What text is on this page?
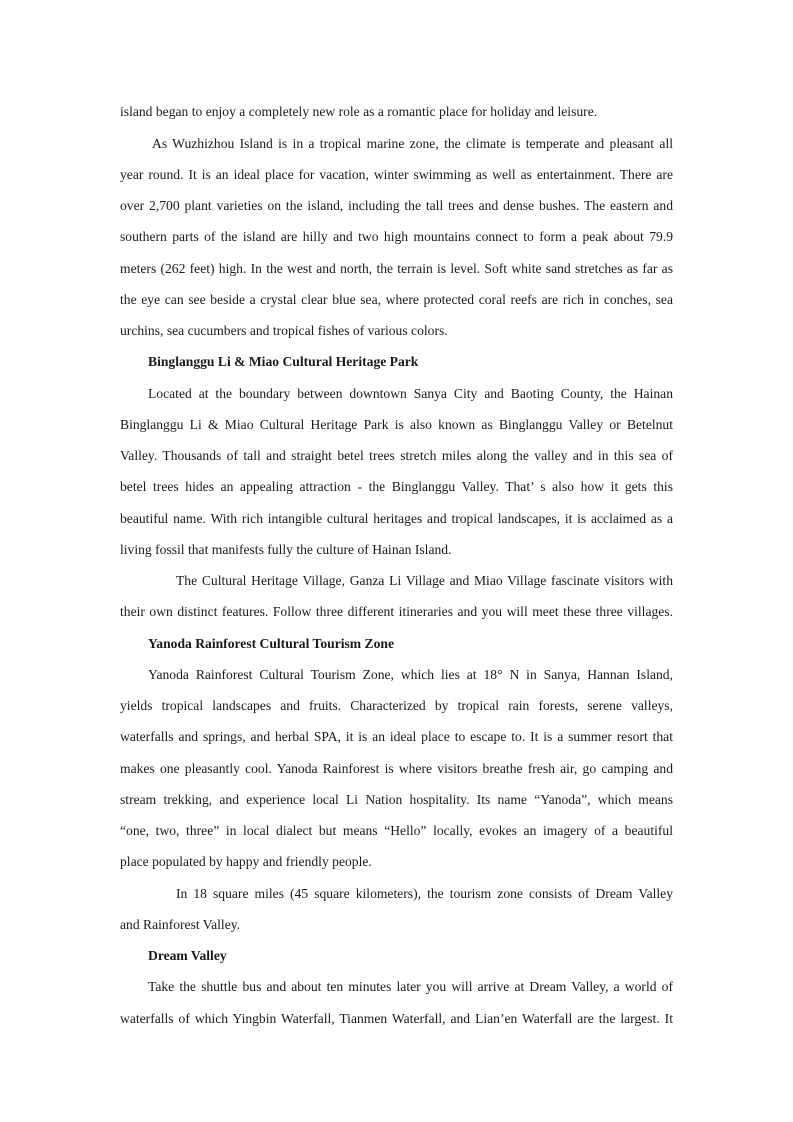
island began to enjoy a completely new role as a romantic place for holiday and leisure.
As Wuzhizhou Island is in a tropical marine zone, the climate is temperate and pleasant all
year round. It is an ideal place for vacation, winter swimming as well as entertainment. There are
over 2,700 plant varieties on the island, including the tall trees and dense bushes. The eastern and
southern parts of the island are hilly and two high mountains connect to form a peak about 79.9
meters (262 feet) high. In the west and north, the terrain is level. Soft white sand stretches as far as
the eye can see beside a crystal clear blue sea, where protected coral reefs are rich in conches, sea
urchins, sea cucumbers and tropical fishes of various colors.
Binglanggu Li & Miao Cultural Heritage Park
Located at the boundary between downtown Sanya City and Baoting County, the Hainan
Binglanggu Li & Miao Cultural Heritage Park is also known as Binglanggu Valley or Betelnut
Valley. Thousands of tall and straight betel trees stretch miles along the valley and in this sea of
betel trees hides an appealing attraction - the Binglanggu Valley. That’ s also how it gets this
beautiful name. With rich intangible cultural heritages and tropical landscapes, it is acclaimed as a
living fossil that manifests fully the culture of Hainan Island.
The Cultural Heritage Village, Ganza Li Village and Miao Village fascinate visitors with
their own distinct features. Follow three different itineraries and you will meet these three villages.
Yanoda Rainforest Cultural Tourism Zone
Yanoda Rainforest Cultural Tourism Zone, which lies at 18° N in Sanya, Hannan Island,
yields tropical landscapes and fruits. Characterized by tropical rain forests, serene valleys,
waterfalls and springs, and herbal SPA, it is an ideal place to escape to. It is a summer resort that
makes one pleasantly cool. Yanoda Rainforest is where visitors breathe fresh air, go camping and
stream trekking, and experience local Li Nation hospitality. Its name “Yanoda”, which means
“one, two, three” in local dialect but means “Hello” locally, evokes an imagery of a beautiful
place populated by happy and friendly people.
In 18 square miles (45 square kilometers), the tourism zone consists of Dream Valley
and Rainforest Valley.
Dream Valley
Take the shuttle bus and about ten minutes later you will arrive at Dream Valley, a world of
waterfalls of which Yingbin Waterfall, Tianmen Waterfall, and Lian’en Waterfall are the largest. It
